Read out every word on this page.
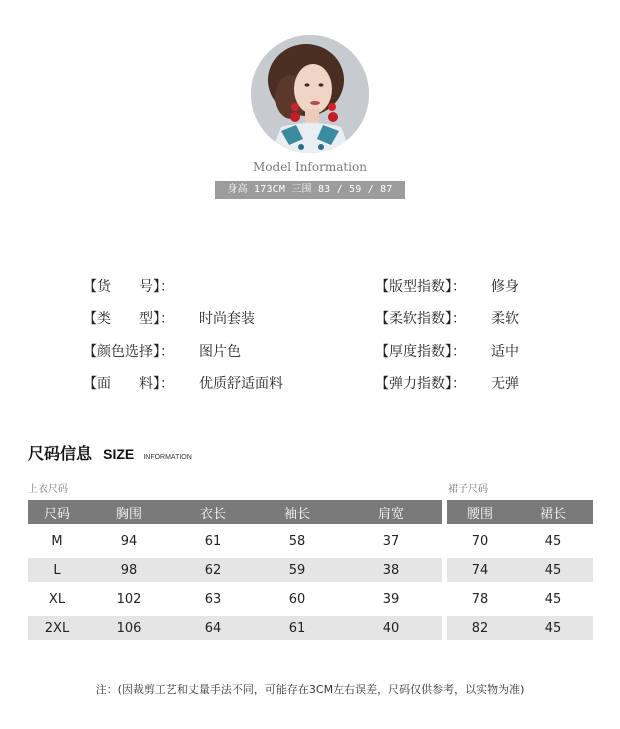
Model Information
身高 173CM 三围 83 / 59 / 87
【货　　号】：
【类　　型】： 时尚套装
【颜色选择】： 图片色
【面　　料】： 优质舒适面料
【版型指数】： 修身
【柔软指数】： 柔软
【厚度指数】： 适中
【弹力指数】： 无弹
尺码信息 SIZE INFORMATION
上衣尺码	裙子尺码
尺码	胸围	衣长	袖长	肩宽

M	94	61	58	37

L	98	62	59	38

XL	102	63	60	39

2XL	106	64	61	40
腰围	裙长

70	45

74	45

78	45

82	45
注：(因裁剪工艺和丈量手法不同，可能存在3CM左右误差，尺码仅供参考，以实物为准)
